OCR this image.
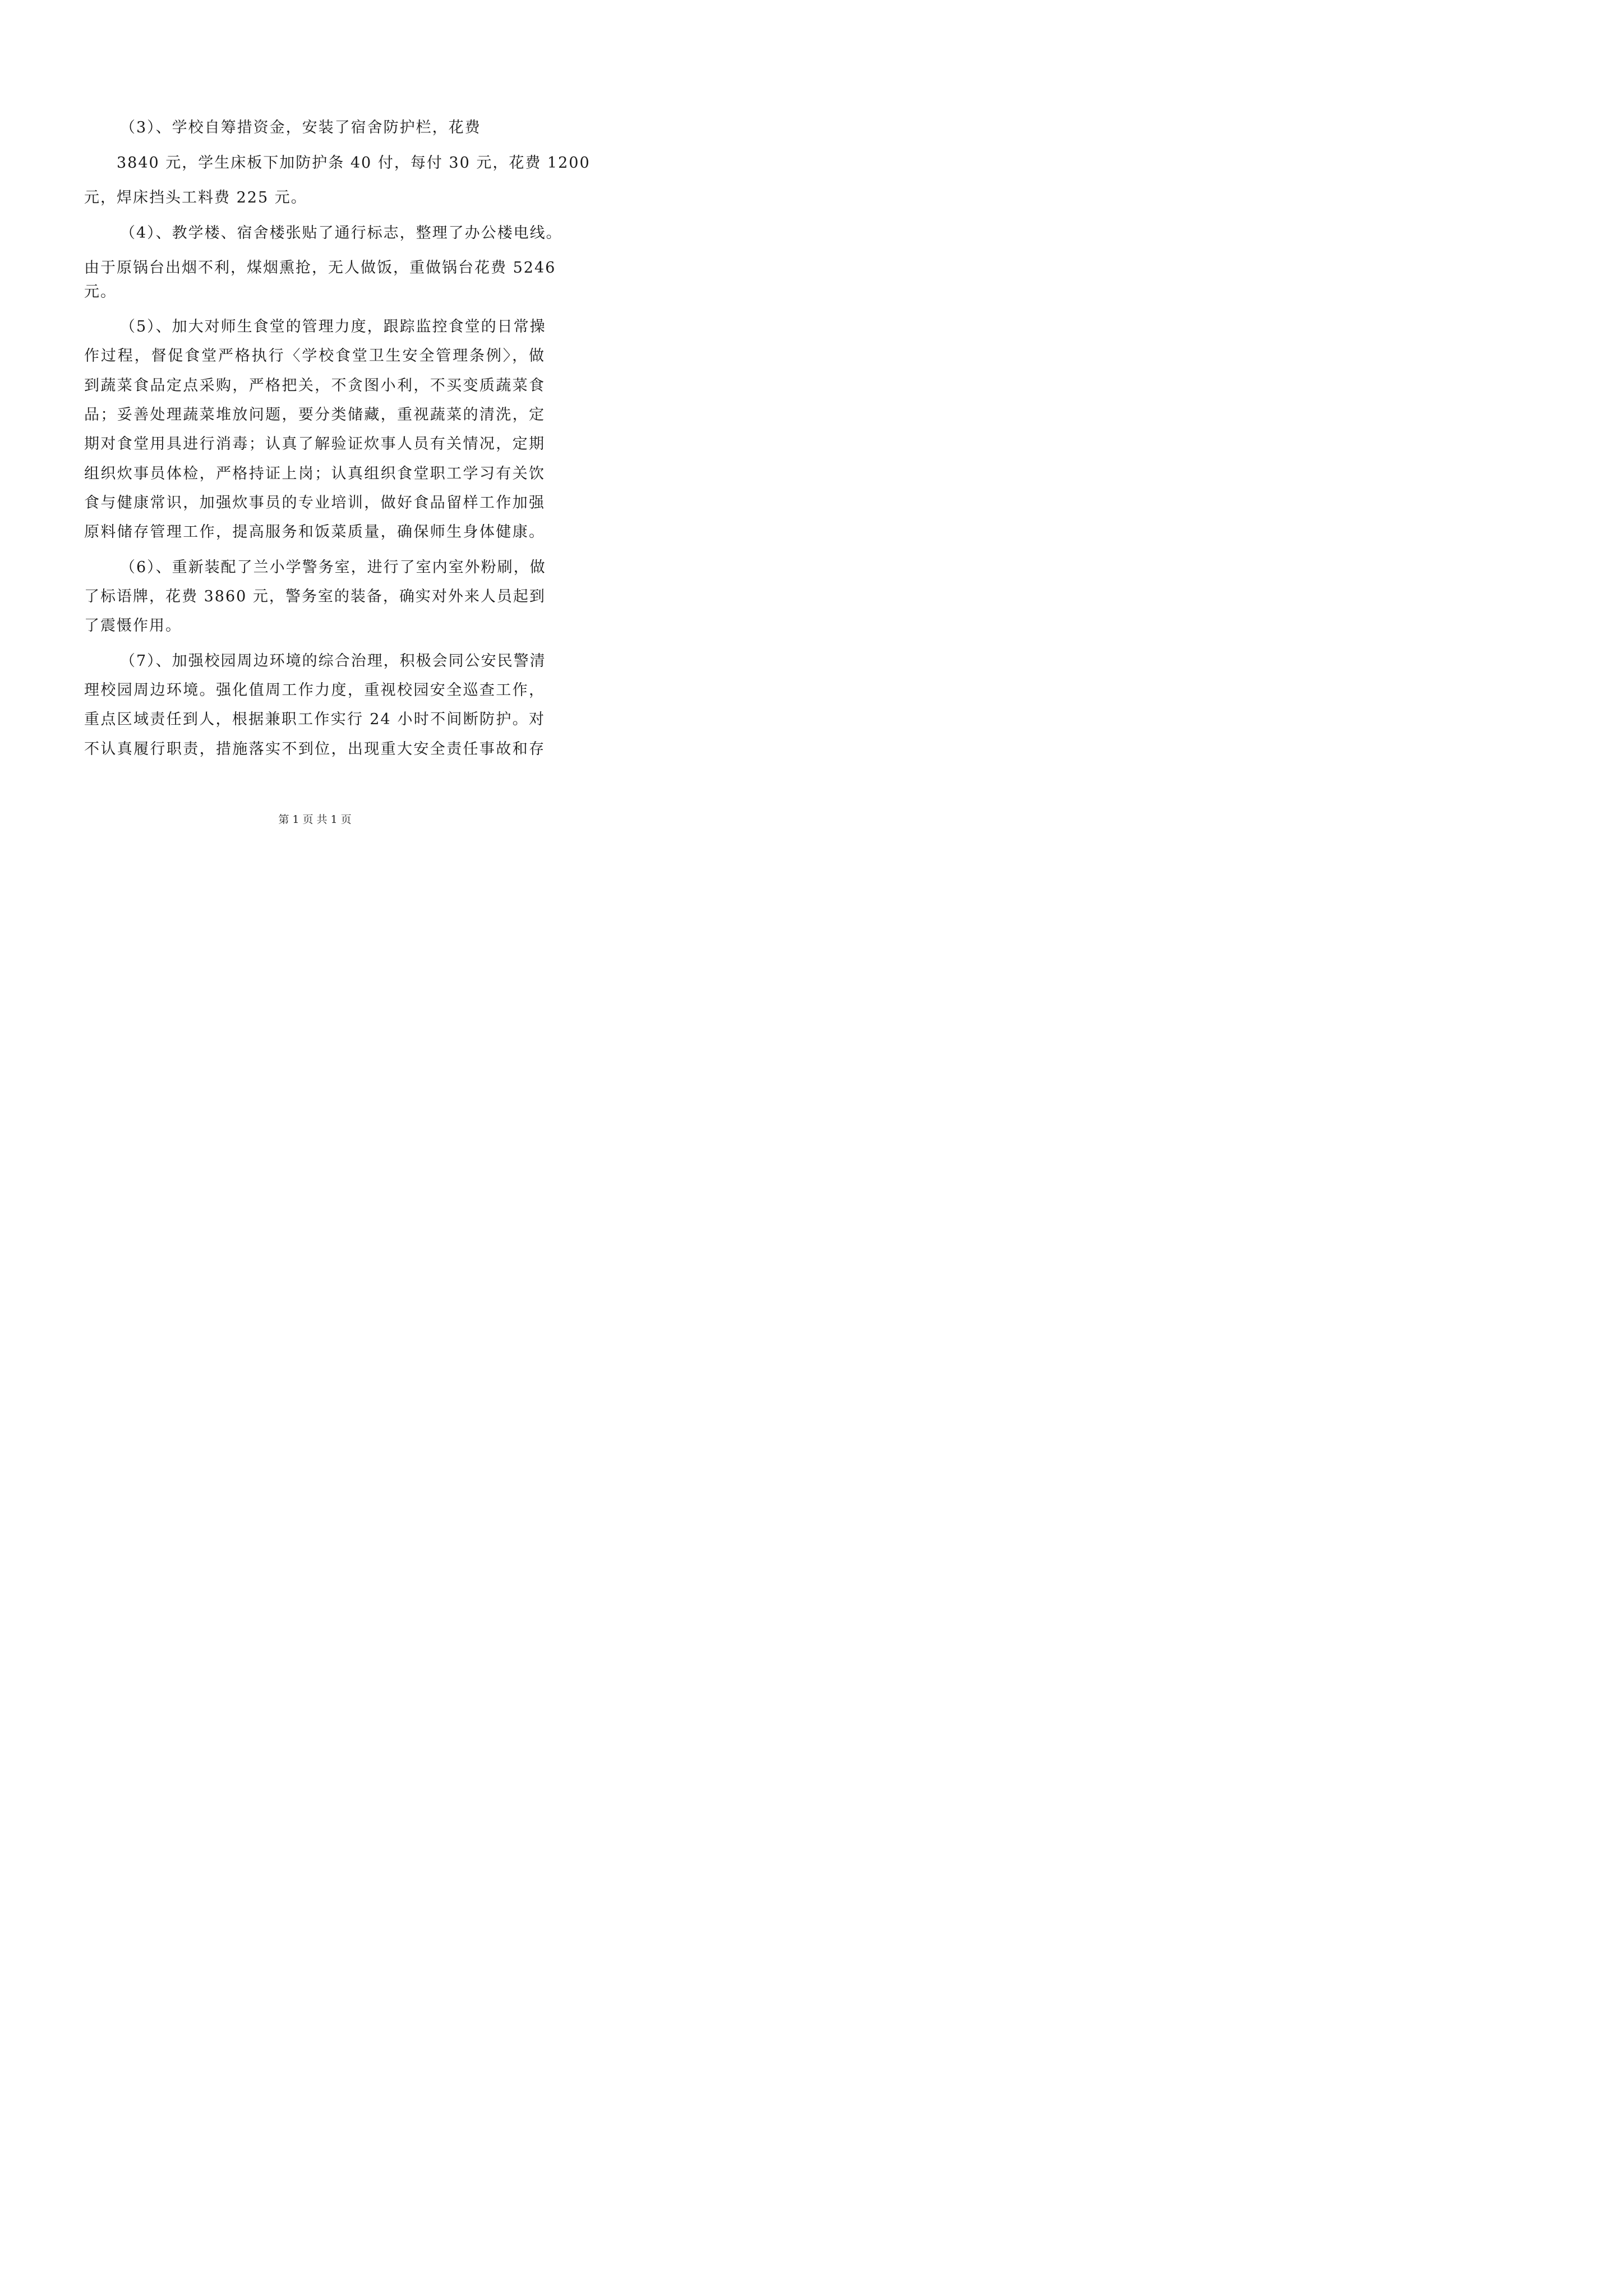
（3）、学校自筹措资金，安装了宿舍防护栏，花费
3840 元，学生床板下加防护条 40 付，每付 30 元，花费 1200
元，焊床挡头工料费 225 元。
（4）、教学楼、宿舍楼张贴了通行标志，整理了办公楼电线。
由于原锅台出烟不利，煤烟熏抢，无人做饭，重做锅台花费 5246
元。
（5）、加大对师生食堂的管理力度，跟踪监控食堂的日常操
作过程，督促食堂严格执行〈学校食堂卫生安全管理条例〉，做
到蔬菜食品定点采购，严格把关，不贪图小利，不买变质蔬菜食
品；妥善处理蔬菜堆放问题，要分类储藏，重视蔬菜的清洗，定
期对食堂用具进行消毒；认真了解验证炊事人员有关情况，定期
组织炊事员体检，严格持证上岗；认真组织食堂职工学习有关饮
食与健康常识，加强炊事员的专业培训，做好食品留样工作加强
原料储存管理工作，提高服务和饭菜质量，确保师生身体健康。
（6）、重新装配了兰小学警务室，进行了室内室外粉刷，做
了标语牌，花费 3860 元，警务室的装备，确实对外来人员起到
了震慑作用。
（7）、加强校园周边环境的综合治理，积极会同公安民警清
理校园周边环境。强化值周工作力度，重视校园安全巡查工作，
重点区域责任到人，根据兼职工作实行 24 小时不间断防护。对
不认真履行职责，措施落实不到位，出现重大安全责任事故和存
第 1 页 共 1 页
